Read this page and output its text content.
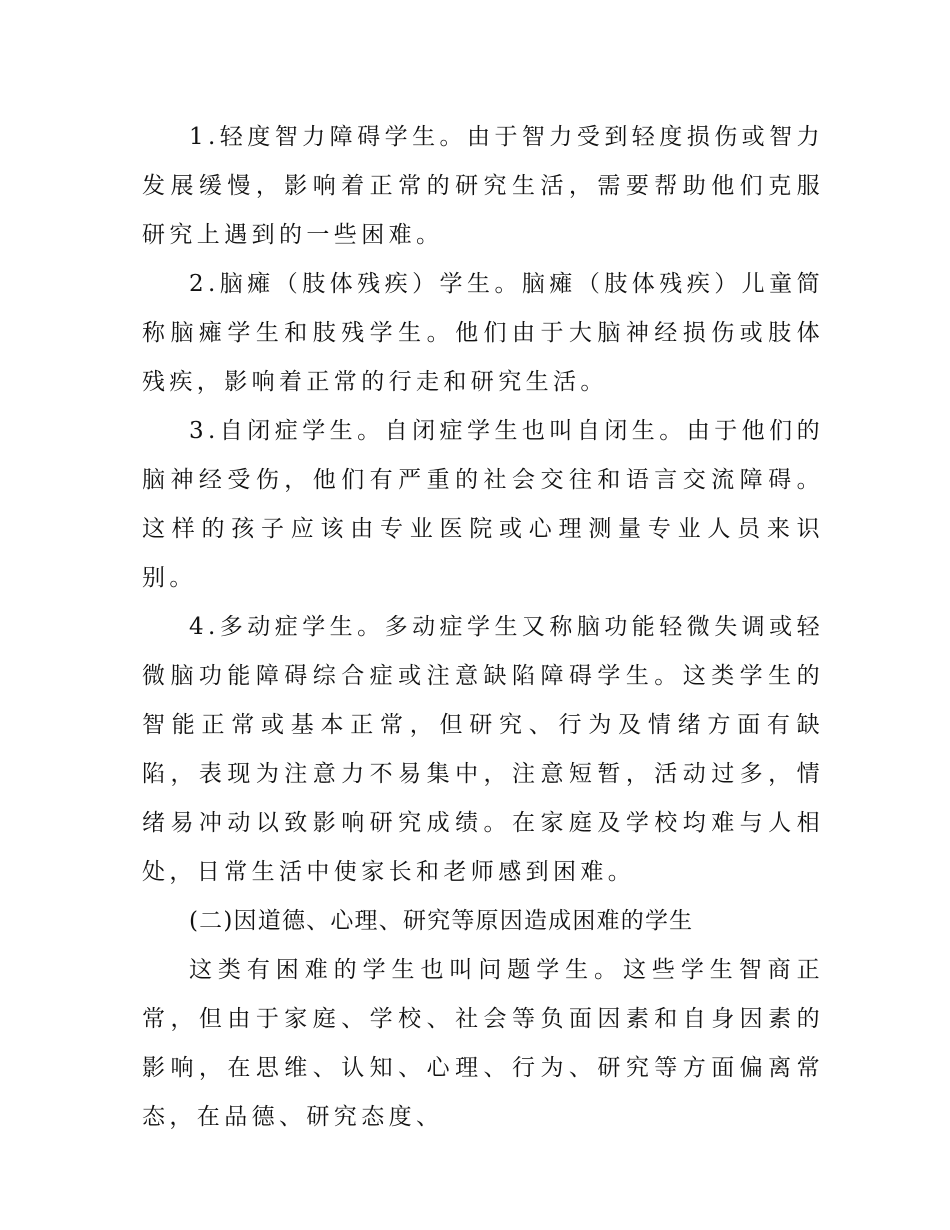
1.轻度智力障碍学生。由于智力受到轻度损伤或智力发展缓慢，影响着正常的研究生活，需要帮助他们克服研究上遇到的一些困难。

2.脑瘫（肢体残疾）学生。脑瘫（肢体残疾）儿童简称脑瘫学生和肢残学生。他们由于大脑神经损伤或肢体残疾，影响着正常的行走和研究生活。

3.自闭症学生。自闭症学生也叫自闭生。由于他们的脑神经受伤，他们有严重的社会交往和语言交流障碍。这样的孩子应该由专业医院或心理测量专业人员来识别。

4.多动症学生。多动症学生又称脑功能轻微失调或轻微脑功能障碍综合症或注意缺陷障碍学生。这类学生的智能正常或基本正常，但研究、行为及情绪方面有缺陷，表现为注意力不易集中，注意短暂，活动过多，情绪易冲动以致影响研究成绩。在家庭及学校均难与人相处，日常生活中使家长和老师感到困难。

(二)因道德、心理、研究等原因造成困难的学生

这类有困难的学生也叫问题学生。这些学生智商正常，但由于家庭、学校、社会等负面因素和自身因素的影响，在思维、认知、心理、行为、研究等方面偏离常态，在品德、研究态度、
